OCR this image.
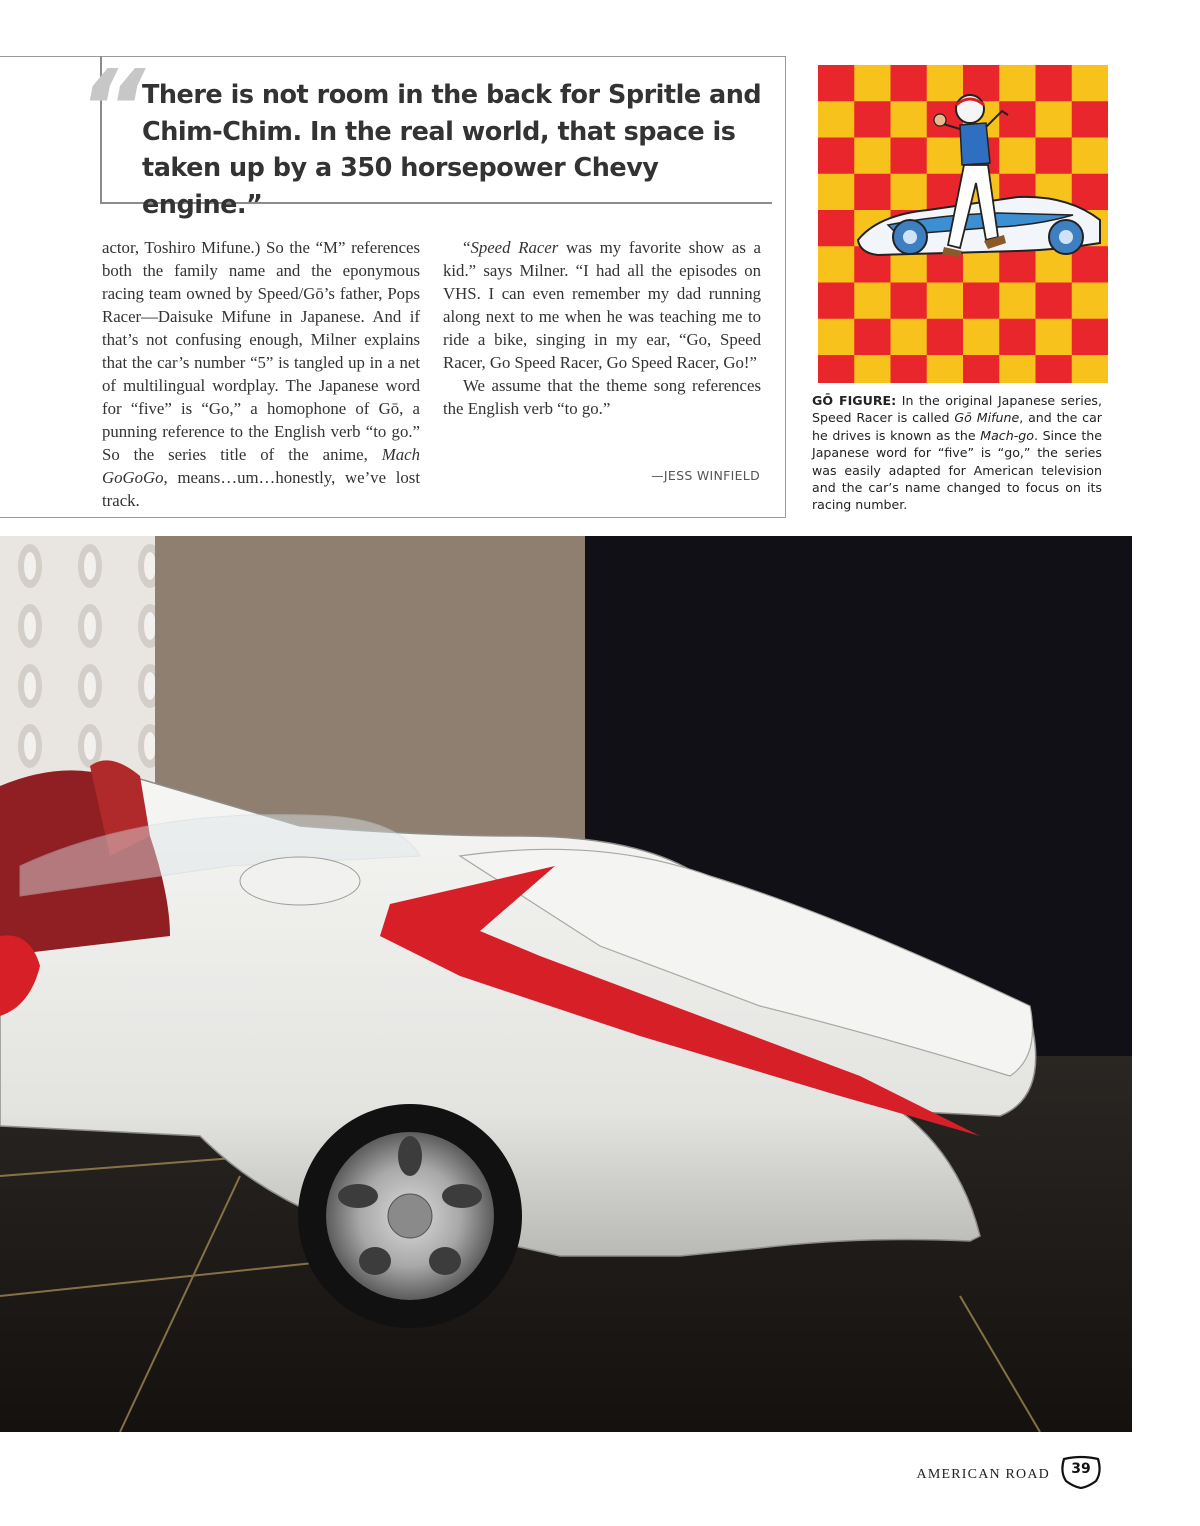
“

There is not room in the back for Spritle and Chim-Chim. In the real world, that space is taken up by a 350 horsepower Chevy engine.”

actor, Toshiro Mifune.) So the “M” references both the family name and the eponymous racing team owned by Speed/Gō’s father, Pops Racer—Daisuke Mifune in Japanese. And if that’s not confusing enough, Milner explains that the car’s number “5” is tangled up in a net of multilingual wordplay. The Japanese word for “five” is “Go,” a homophone of Gō, a punning reference to the English verb “to go.” So the series title of the anime, Mach GoGoGo, means…um…honestly, we’ve lost track.

“Speed Racer was my favorite show as a kid.” says Milner. “I had all the episodes on VHS. I can even remember my dad running along next to me when he was teaching me to ride a bike, singing in my ear, “Go, Speed Racer, Go Speed Racer, Go Speed Racer, Go!”

We assume that the theme song references the English verb “to go.”

—JESS WINFIELD

GŌ FIGURE: In the original Japanese series, Speed Racer is called Gō Mifune, and the car he drives is known as the Mach-go. Since the Japanese word for “five” is “go,” the series was easily adapted for American television and the car’s name changed to focus on its racing number.

AMERICAN ROAD	39
